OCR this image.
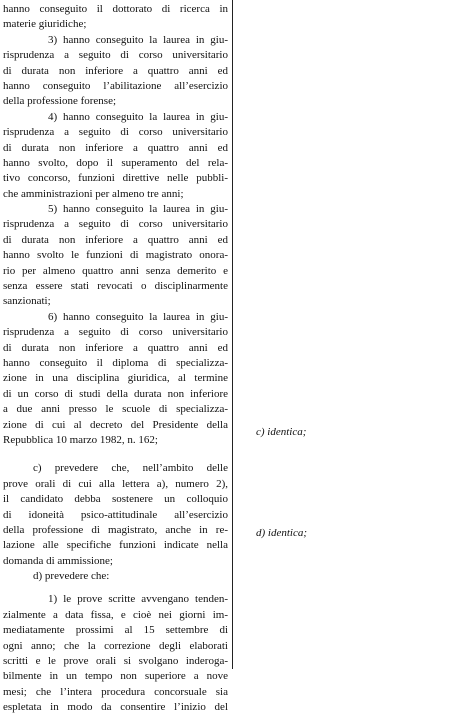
hanno conseguito il dottorato di ricerca in
materie giuridiche;
3) hanno conseguito la laurea in giu-
risprudenza a seguito di corso universitario
di durata non inferiore a quattro anni ed
hanno conseguito l’abilitazione all’esercizio
della professione forense;
4) hanno conseguito la laurea in giu-
risprudenza a seguito di corso universitario
di durata non inferiore a quattro anni ed
hanno svolto, dopo il superamento del rela-
tivo concorso, funzioni direttive nelle pubbli-
che amministrazioni per almeno tre anni;
5) hanno conseguito la laurea in giu-
risprudenza a seguito di corso universitario
di durata non inferiore a quattro anni ed
hanno svolto le funzioni di magistrato onora-
rio per almeno quattro anni senza demerito e
senza essere stati revocati o disciplinarmente
sanzionati;
6) hanno conseguito la laurea in giu-
risprudenza a seguito di corso universitario
di durata non inferiore a quattro anni ed
hanno conseguito il diploma di specializza-
zione in una disciplina giuridica, al termine
di un corso di studi della durata non inferiore
a due anni presso le scuole di specializza-
zione di cui al decreto del Presidente della
Repubblica 10 marzo 1982, n. 162;
c) prevedere che, nell’ambito delle
prove orali di cui alla lettera a), numero 2),
il candidato debba sostenere un colloquio
di idoneità psico-attitudinale all’esercizio
della professione di magistrato, anche in re-
lazione alle specifiche funzioni indicate nella
domanda di ammissione;
d) prevedere che:
1) le prove scritte avvengano tenden-
zialmente a data fissa, e cioè nei giorni im-
mediatamente prossimi al 15 settembre di
ogni anno; che la correzione degli elaborati
scritti e le prove orali si svolgano inderoga-
bilmente in un tempo non superiore a nove
mesi; che l’intera procedura concorsuale sia
espletata in modo da consentire l’inizio del
c) identica;
d) identica;
